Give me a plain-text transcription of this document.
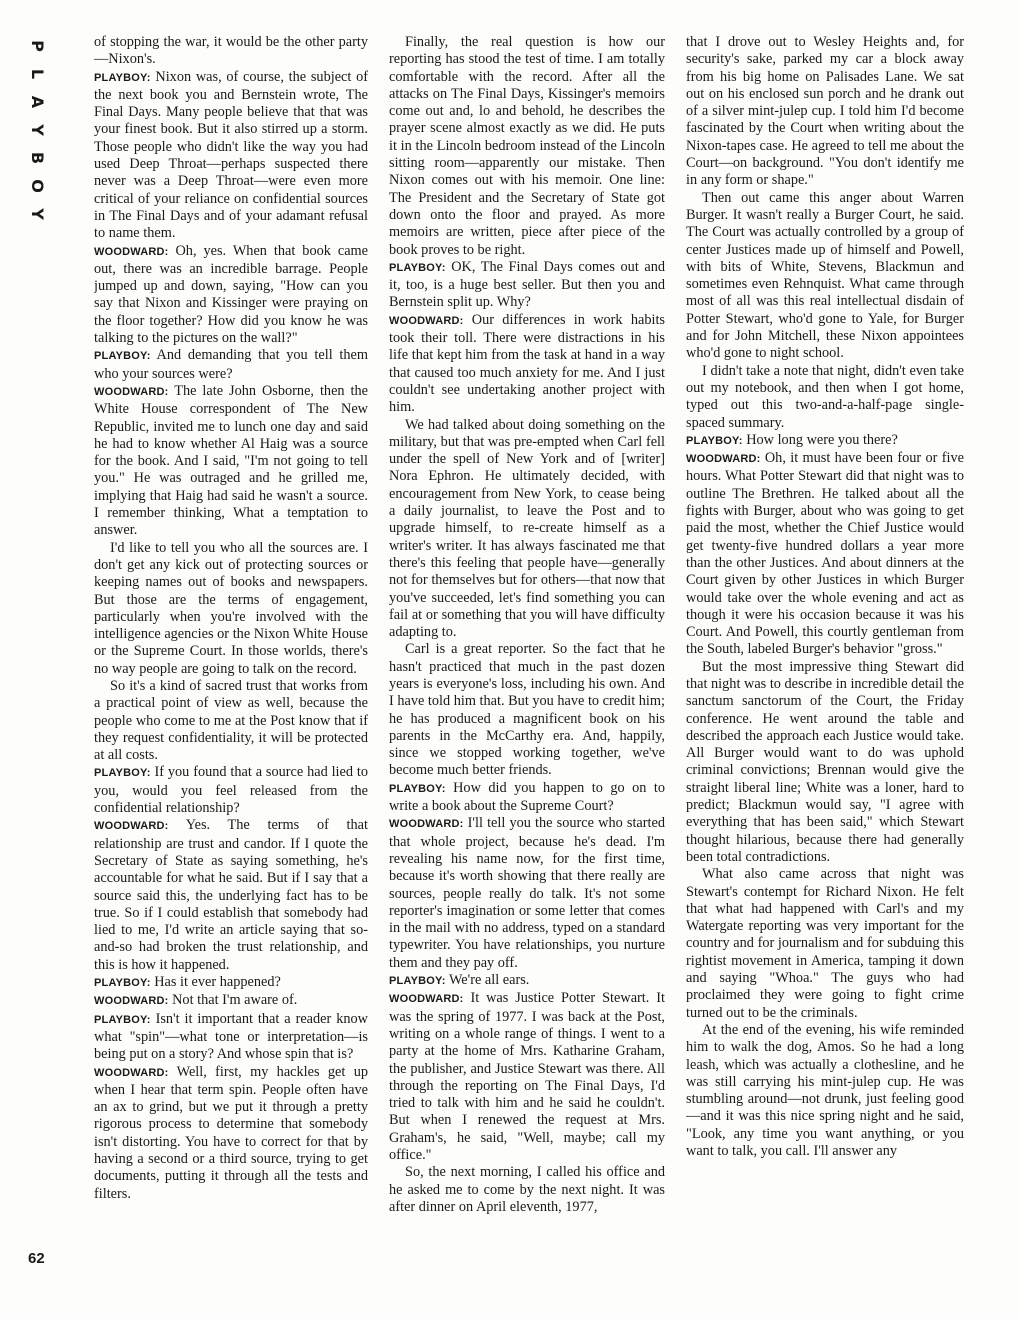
P
L
A
Y
B
O
Y
62

of stopping the war, it would be the other party—Nixon's.

PLAYBOY: Nixon was, of course, the subject of the next book you and Bernstein wrote, The Final Days. Many people believe that that was your finest book. But it also stirred up a storm. Those people who didn't like the way you had used Deep Throat—perhaps suspected there never was a Deep Throat—were even more critical of your reliance on confidential sources in The Final Days and of your adamant refusal to name them.

WOODWARD: Oh, yes. When that book came out, there was an incredible barrage. People jumped up and down, saying, "How can you say that Nixon and Kissinger were praying on the floor together? How did you know he was talking to the pictures on the wall?"

PLAYBOY: And demanding that you tell them who your sources were?

WOODWARD: The late John Osborne, then the White House correspondent of The New Republic, invited me to lunch one day and said he had to know whether Al Haig was a source for the book. And I said, "I'm not going to tell you." He was outraged and he grilled me, implying that Haig had said he wasn't a source. I remember thinking, What a temptation to answer.

I'd like to tell you who all the sources are. I don't get any kick out of protecting sources or keeping names out of books and newspapers. But those are the terms of engagement, particularly when you're involved with the intelligence agencies or the Nixon White House or the Supreme Court. In those worlds, there's no way people are going to talk on the record.

So it's a kind of sacred trust that works from a practical point of view as well, because the people who come to me at the Post know that if they request confidentiality, it will be protected at all costs.

PLAYBOY: If you found that a source had lied to you, would you feel released from the confidential relationship?

WOODWARD: Yes. The terms of that relationship are trust and candor. If I quote the Secretary of State as saying something, he's accountable for what he said. But if I say that a source said this, the underlying fact has to be true. So if I could establish that somebody had lied to me, I'd write an article saying that so-and-so had broken the trust relationship, and this is how it happened.

PLAYBOY: Has it ever happened?

WOODWARD: Not that I'm aware of.

PLAYBOY: Isn't it important that a reader know what "spin"—what tone or interpretation—is being put on a story? And whose spin that is?

WOODWARD: Well, first, my hackles get up when I hear that term spin. People often have an ax to grind, but we put it through a pretty rigorous process to determine that somebody isn't distorting. You have to correct for that by having a second or a third source, trying to get documents, putting it through all the tests and filters.

Finally, the real question is how our reporting has stood the test of time. I am totally comfortable with the record. After all the attacks on The Final Days, Kissinger's memoirs come out and, lo and behold, he describes the prayer scene almost exactly as we did. He puts it in the Lincoln bedroom instead of the Lincoln sitting room—apparently our mistake. Then Nixon comes out with his memoir. One line: The President and the Secretary of State got down onto the floor and prayed. As more memoirs are written, piece after piece of the book proves to be right.

PLAYBOY: OK, The Final Days comes out and it, too, is a huge best seller. But then you and Bernstein split up. Why?

WOODWARD: Our differences in work habits took their toll. There were distractions in his life that kept him from the task at hand in a way that caused too much anxiety for me. And I just couldn't see undertaking another project with him.

We had talked about doing something on the military, but that was pre-empted when Carl fell under the spell of New York and of [writer] Nora Ephron. He ultimately decided, with encouragement from New York, to cease being a daily journalist, to leave the Post and to upgrade himself, to re-create himself as a writer's writer. It has always fascinated me that there's this feeling that people have—generally not for themselves but for others—that now that you've succeeded, let's find something you can fail at or something that you will have difficulty adapting to.

Carl is a great reporter. So the fact that he hasn't practiced that much in the past dozen years is everyone's loss, including his own. And I have told him that. But you have to credit him; he has produced a magnificent book on his parents in the McCarthy era. And, happily, since we stopped working together, we've become much better friends.

PLAYBOY: How did you happen to go on to write a book about the Supreme Court?

WOODWARD: I'll tell you the source who started that whole project, because he's dead. I'm revealing his name now, for the first time, because it's worth showing that there really are sources, people really do talk. It's not some reporter's imagination or some letter that comes in the mail with no address, typed on a standard typewriter. You have relationships, you nurture them and they pay off.

PLAYBOY: We're all ears.

WOODWARD: It was Justice Potter Stewart. It was the spring of 1977. I was back at the Post, writing on a whole range of things. I went to a party at the home of Mrs. Katharine Graham, the publisher, and Justice Stewart was there. All through the reporting on The Final Days, I'd tried to talk with him and he said he couldn't. But when I renewed the request at Mrs. Graham's, he said, "Well, maybe; call my office."

So, the next morning, I called his office and he asked me to come by the next night. It was after dinner on April eleventh, 1977,

that I drove out to Wesley Heights and, for security's sake, parked my car a block away from his big home on Palisades Lane. We sat out on his enclosed sun porch and he drank out of a silver mint-julep cup. I told him I'd become fascinated by the Court when writing about the Nixon-tapes case. He agreed to tell me about the Court—on background. "You don't identify me in any form or shape."

Then out came this anger about Warren Burger. It wasn't really a Burger Court, he said. The Court was actually controlled by a group of center Justices made up of himself and Powell, with bits of White, Stevens, Blackmun and sometimes even Rehnquist. What came through most of all was this real intellectual disdain of Potter Stewart, who'd gone to Yale, for Burger and for John Mitchell, these Nixon appointees who'd gone to night school.

I didn't take a note that night, didn't even take out my notebook, and then when I got home, typed out this two-and-a-half-page single-spaced summary.

PLAYBOY: How long were you there?

WOODWARD: Oh, it must have been four or five hours. What Potter Stewart did that night was to outline The Brethren. He talked about all the fights with Burger, about who was going to get paid the most, whether the Chief Justice would get twenty-five hundred dollars a year more than the other Justices. And about dinners at the Court given by other Justices in which Burger would take over the whole evening and act as though it were his occasion because it was his Court. And Powell, this courtly gentleman from the South, labeled Burger's behavior "gross."

But the most impressive thing Stewart did that night was to describe in incredible detail the sanctum sanctorum of the Court, the Friday conference. He went around the table and described the approach each Justice would take. All Burger would want to do was uphold criminal convictions; Brennan would give the straight liberal line; White was a loner, hard to predict; Blackmun would say, "I agree with everything that has been said," which Stewart thought hilarious, because there had generally been total contradictions.

What also came across that night was Stewart's contempt for Richard Nixon. He felt that what had happened with Carl's and my Watergate reporting was very important for the country and for journalism and for subduing this rightist movement in America, tamping it down and saying "Whoa." The guys who had proclaimed they were going to fight crime turned out to be the criminals.

At the end of the evening, his wife reminded him to walk the dog, Amos. So he had a long leash, which was actually a clothesline, and he was still carrying his mint-julep cup. He was stumbling around—not drunk, just feeling good—and it was this nice spring night and he said, "Look, any time you want anything, or you want to talk, you call. I'll answer any
